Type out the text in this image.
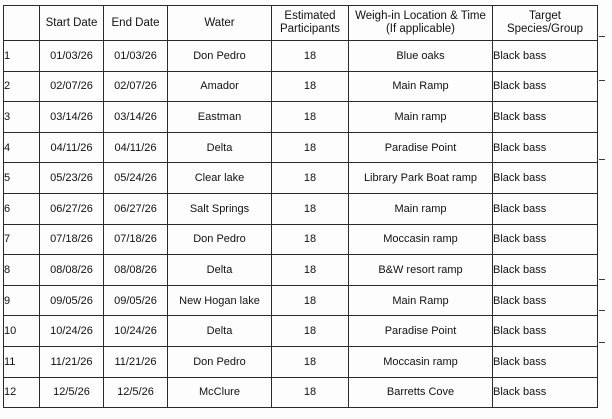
	Start Date	End Date	Water	Estimated Participants	Weigh-in Location & Time (If applicable)	Target Species/Group
1	01/03/26	01/03/26	Don Pedro	18	Blue oaks	Black bass
2	02/07/26	02/07/26	Amador	18	Main Ramp	Black bass
3	03/14/26	03/14/26	Eastman	18	Main ramp	Black bass
4	04/11/26	04/11/26	Delta	18	Paradise Point	Black bass
5	05/23/26	05/24/26	Clear lake	18	Library Park Boat ramp	Black bass
6	06/27/26	06/27/26	Salt Springs	18	Main ramp	Black bass
7	07/18/26	07/18/26	Don Pedro	18	Moccasin ramp	Black bass
8	08/08/26	08/08/26	Delta	18	B&W resort ramp	Black bass
9	09/05/26	09/05/26	New Hogan lake	18	Main Ramp	Black bass
10	10/24/26	10/24/26	Delta	18	Paradise Point	Black bass
11	11/21/26	11/21/26	Don Pedro	18	Moccasin ramp	Black bass
12	12/5/26	12/5/26	McClure	18	Barretts Cove	Black bass
